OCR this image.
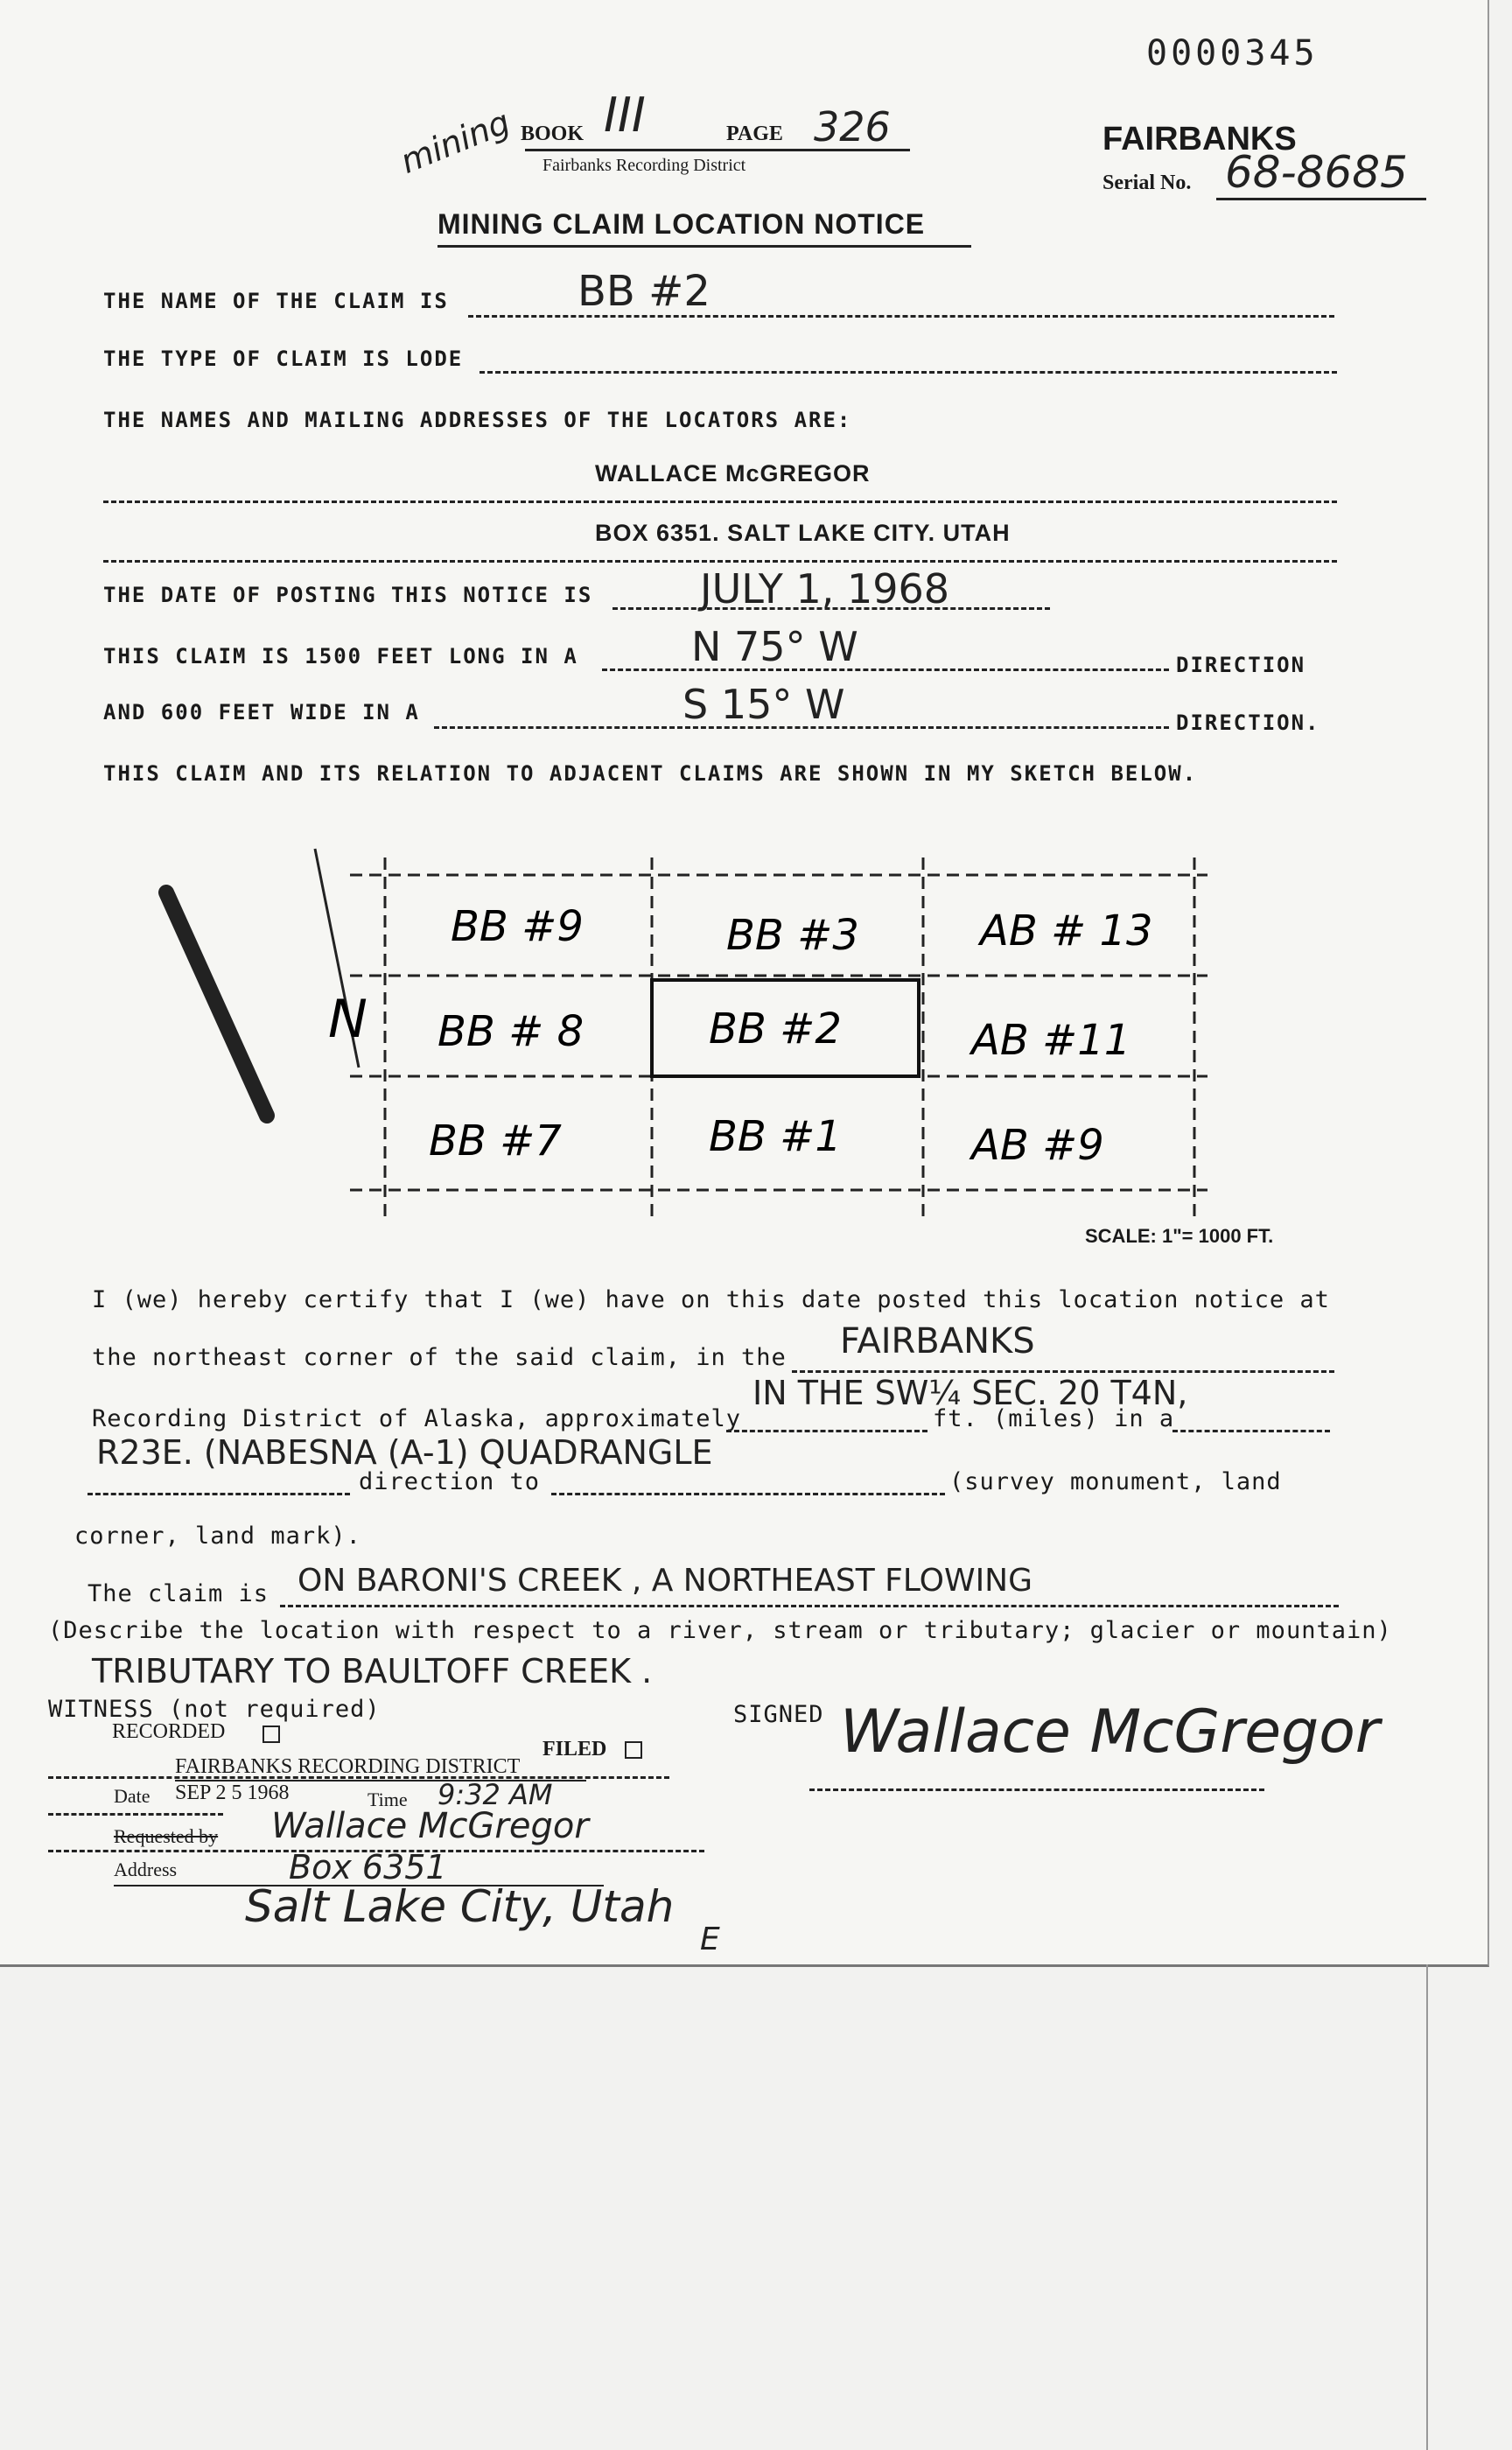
0000345
mining BOOK III	PAGE 326
Fairbanks Recording District
FAIRBANKS
Serial No. 68-8685
MINING CLAIM LOCATION NOTICE
THE NAME OF THE CLAIM IS	BB #2
THE TYPE OF CLAIM IS LODE
THE NAMES AND MAILING ADDRESSES OF THE LOCATORS ARE:
WALLACE McGREGOR
BOX 6351. SALT LAKE CITY. UTAH
THE DATE OF POSTING THIS NOTICE IS	JULY 1, 1968
THIS CLAIM IS 1500 FEET LONG IN A	N 75° W	DIRECTION
AND 600 FEET WIDE IN A	S 15° W	DIRECTION.
THIS CLAIM AND ITS RELATION TO ADJACENT CLAIMS ARE SHOWN IN MY SKETCH BELOW.
N
BB #9	BB #3	AB # 13
BB # 8	BB #2	AB #11
BB #7	BB #1	AB #9
SCALE: 1"= 1000 FT.
I (we) hereby certify that I (we) have on this date posted this location notice at
the northeast corner of the said claim, in the FAIRBANKS
IN THE SW¼ SEC. 20 T4N,
Recording District of Alaska, approximately	ft. (miles) in a
R23E. (NABESNA (A-1) QUADRANGLE
direction to	(survey monument, land
corner, land mark).
The claim is ON BARONI'S CREEK , A NORTHEAST FLOWING
(Describe the location with respect to a river, stream or tributary; glacier or mountain)
TRIBUTARY TO BAULTOFF CREEK .
WITNESS (not required)	SIGNED Wallace McGregor
RECORDED
FILED
FAIRBANKS RECORDING DISTRICT
Date SEP 2 5 1968	Time 9:32 AM
Requested by Wallace McGregor
Address	Box 6351
Salt Lake City, Utah
E
